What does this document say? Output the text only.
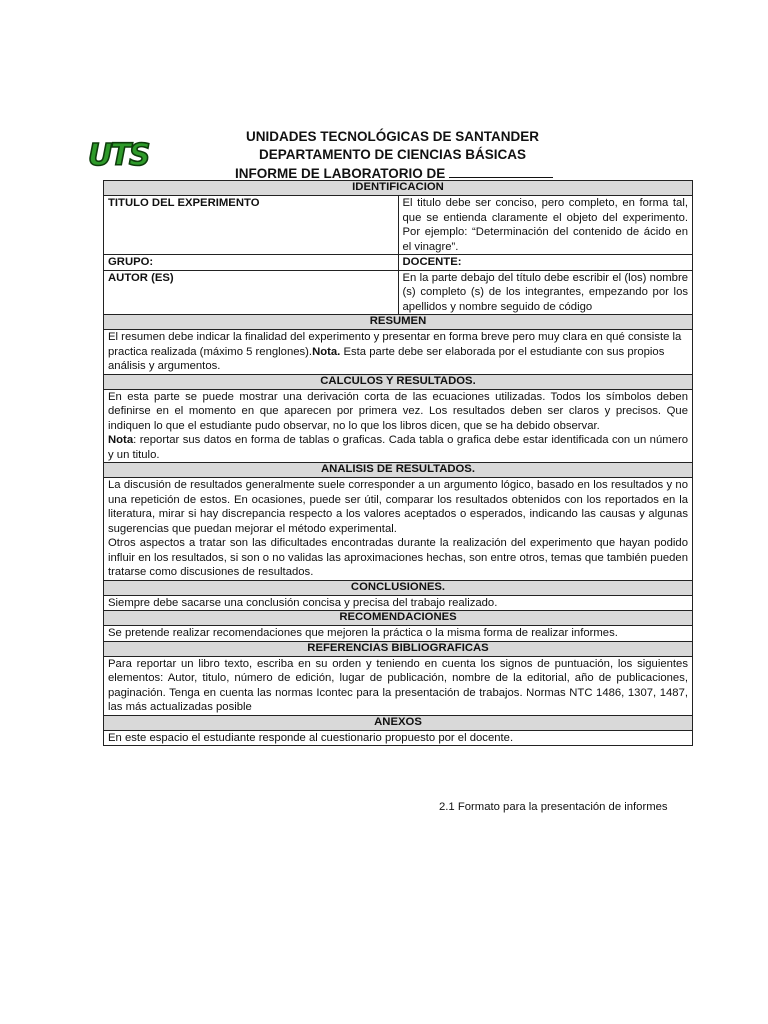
UTS
UNIDADES TECNOLÓGICAS DE SANTANDER
DEPARTAMENTO DE CIENCIAS BÁSICAS
INFORME DE LABORATORIO DE
IDENTIFICACION	
TITULO DEL EXPERIMENTO	El titulo debe ser conciso, pero completo, en forma tal, que se entienda claramente el objeto del experimento. Por ejemplo: “Determinación del contenido de ácido en el vinagre”.
GRUPO:	DOCENTE:
AUTOR (ES)	En la parte debajo del título debe escribir el (los) nombre (s) completo (s) de los integrantes, empezando por los apellidos y nombre seguido de código
RESUMEN	
El resumen debe indicar la finalidad del experimento y presentar en forma breve pero muy clara en qué consiste la practica realizada (máximo 5 renglones).Nota. Esta parte debe ser elaborada por el estudiante con sus propios análisis y argumentos.	
CALCULOS Y RESULTADOS.	

En esta parte se puede mostrar una derivación corta de las ecuaciones utilizadas. Todos los símbolos deben definirse en el momento en que aparecen por primera vez. Los resultados deben ser claros y precisos. Que indiquen lo que el estudiante pudo observar, no lo que los libros dicen, que se ha debido observar.
Nota: reportar sus datos en forma de tablas o graficas. Cada tabla o grafica debe estar identificada con un número y un titulo.	

ANALISIS DE RESULTADOS.	

La discusión de resultados generalmente suele corresponder a un argumento lógico, basado en los resultados y no una repetición de estos. En ocasiones, puede ser útil, comparar los resultados obtenidos con los reportados en la literatura, mirar si hay discrepancia respecto a los valores aceptados o esperados, indicando las causas y algunas sugerencias que puedan mejorar el método experimental.
Otros aspectos a tratar son las dificultades encontradas durante la realización del experimento que hayan podido influir en los resultados, si son o no validas las aproximaciones hechas, son entre otros, temas que también pueden tratarse como discusiones de resultados.	

CONCLUSIONES.	
Siempre debe sacarse una conclusión concisa y precisa del trabajo realizado.	
RECOMENDACIONES	
Se pretende realizar recomendaciones que mejoren la práctica o la misma forma de realizar informes.	
REFERENCIAS BIBLIOGRAFICAS	
Para reportar un libro texto, escriba en su orden y teniendo en cuenta los signos de puntuación, los siguientes elementos: Autor, titulo, número de edición, lugar de publicación, nombre de la editorial, año de publicaciones, paginación. Tenga en cuenta las normas Icontec para la presentación de trabajos. Normas NTC 1486, 1307, 1487, las más actualizadas posible	
ANEXOS	
En este espacio el estudiante responde al cuestionario propuesto por el docente.	
2.1 Formato para la presentación de informes
